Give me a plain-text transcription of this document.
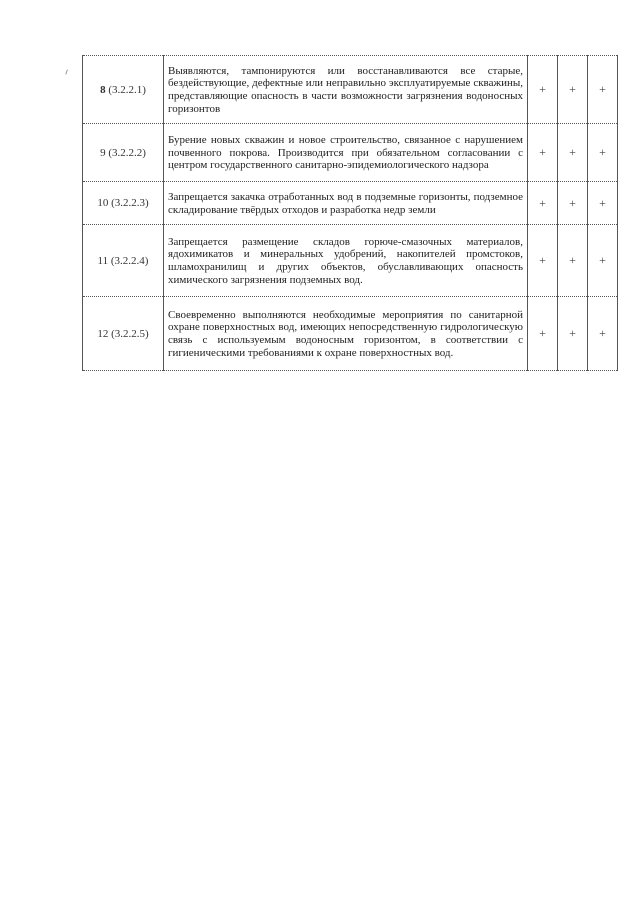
8 (3.2.2.1)	Выявляются, тампонируются или восстанавливаются все старые, бездействующие, дефектные или неправильно эксплуатируемые скважины, представляющие опасность в части возможности загрязнения водоносных горизонтов	+	+	+
9 (3.2.2.2)	Бурение новых скважин и новое строительство, связанное с нарушением почвенного покрова. Производится при обязательном согласовании с центром государственного санитарно-эпидемиологического надзора	+	+	+
10 (3.2.2.3)	Запрещается закачка отработанных вод в подземные горизонты, подземное складирование твёрдых отходов и разработка недр земли	+	+	+
11 (3.2.2.4)	Запрещается размещение складов горюче-смазочных материалов, ядохимикатов и минеральных удобрений, накопителей промстоков, шламохранилищ и других объектов, обуславливающих опасность химического загрязнения подземных вод.	+	+	+
12 (3.2.2.5)	Своевременно выполняются необходимые мероприятия по санитарной охране поверхностных вод, имеющих непосредственную гидрологическую связь с используемым водоносным горизонтом, в соответствии с гигиеническими требованиями к охране поверхностных вод.	+	+	+
